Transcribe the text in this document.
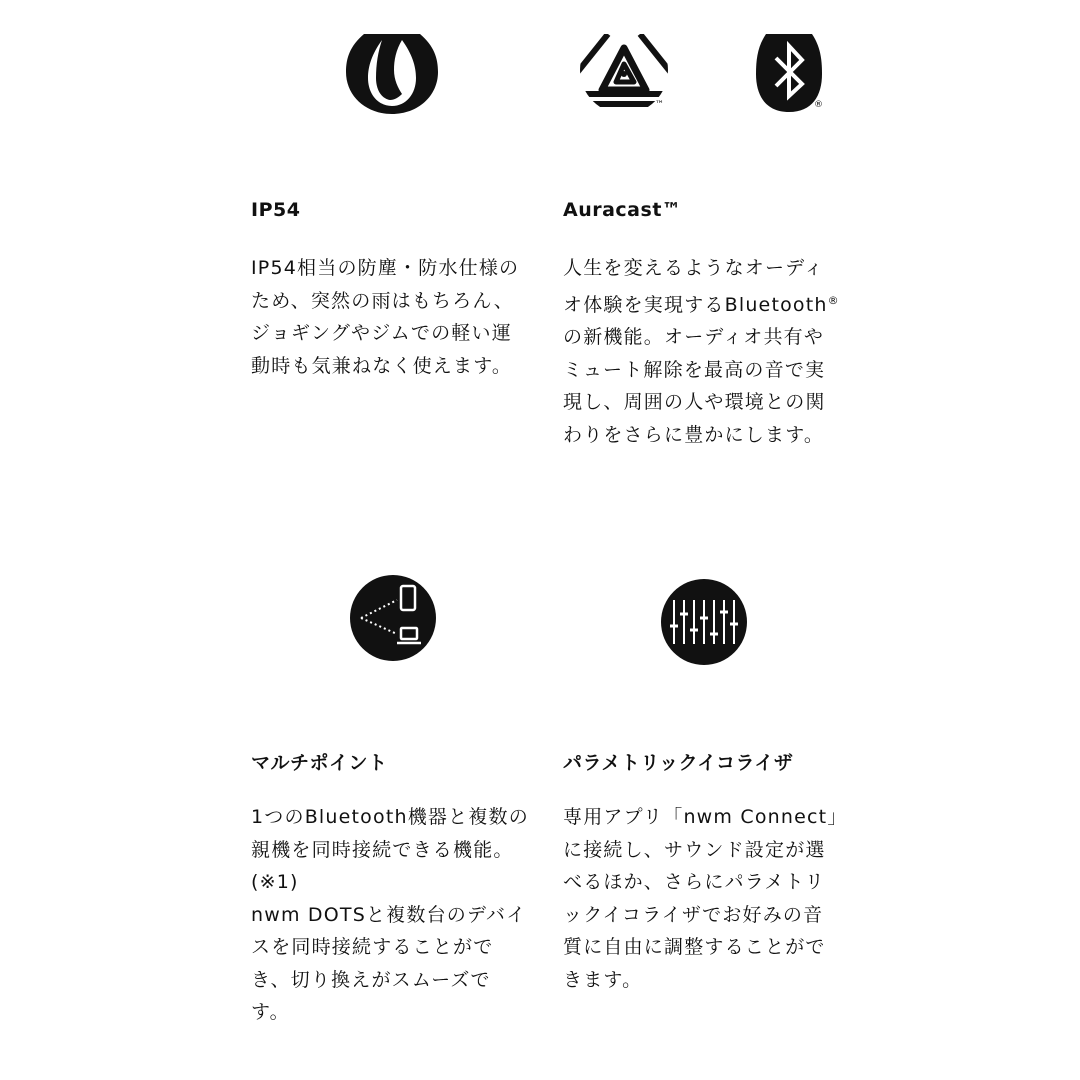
IP54
IP54相当の防塵・防水仕様の
ため、突然の雨はもちろん、
ジョギングやジムでの軽い運
動時も気兼ねなく使えます。
™	®
Auracast™
人生を変えるようなオーディ
オ体験を実現するBluetooth®
の新機能。オーディオ共有や
ミュート解除を最高の音で実
現し、周囲の人や環境との関
わりをさらに豊かにします。
マルチポイント
1つのBluetooth機器と複数の
親機を同時接続できる機能。
(※1)
nwm DOTSと複数台のデバイ
スを同時接続することがで
き、切り換えがスムーズで
す。
パラメトリックイコライザ
専用アプリ「nwm Connect」
に接続し、サウンド設定が選
べるほか、さらにパラメトリ
ックイコライザでお好みの音
質に自由に調整することがで
きます。
